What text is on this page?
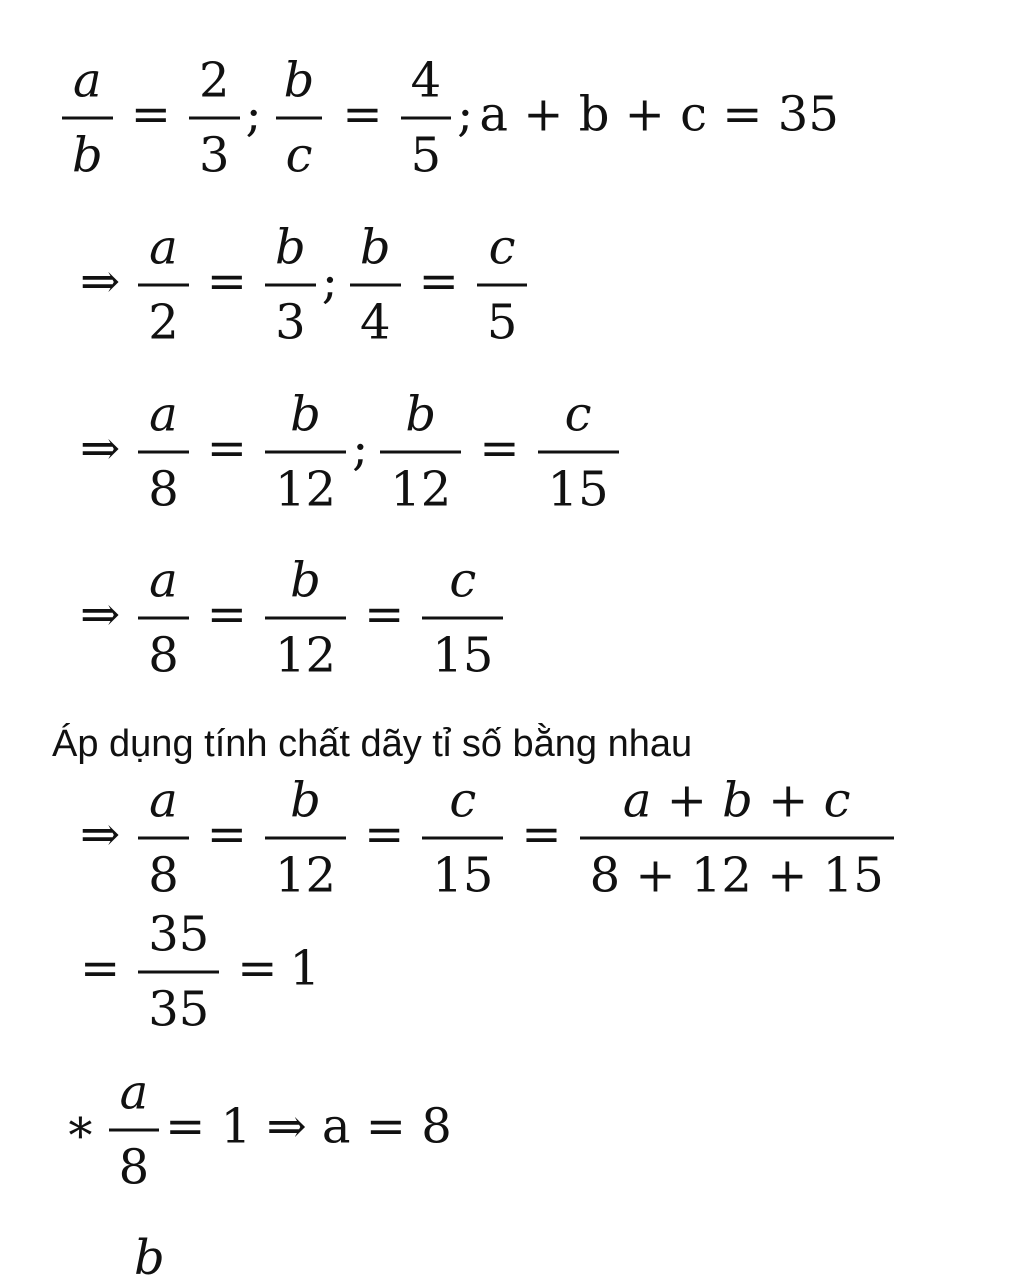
$\frac{a}{b} = \frac{2}{3}$ ; $\frac{b}{c} = \frac{4}{5}$ ; a + b + c = 35
⇒ $\frac{a}{2} = \frac{b}{3}$ ; $\frac{b}{4} = \frac{c}{5}$
⇒ $\frac{a}{8} = \frac{b}{12}$ ; $\frac{b}{12} = \frac{c}{15}$
⇒ $\frac{a}{8} = \frac{b}{12} = \frac{c}{15}$
Áp dụng tính chất dãy tỉ số bằng nhau
⇒ $\frac{a}{8} = \frac{b}{12} = \frac{c}{15} = \frac{a + b + c}{8 + 12 + 15}$
= $\frac{35}{35} = 1$
∗ $\frac{a}{8} = 1$ ⇒ a = 8
b
